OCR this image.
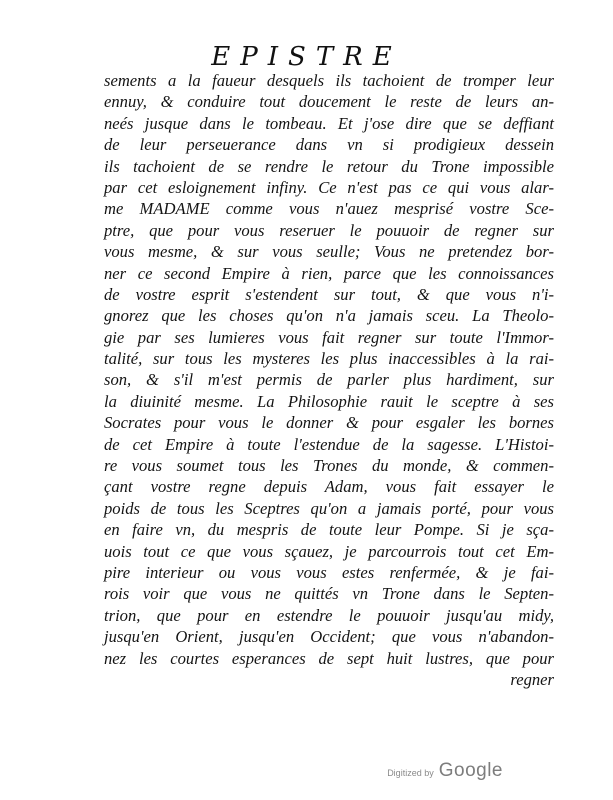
EPISTRE
sements a la faueur desquels ils tachoient de tromper leur
ennuy, & conduire tout doucement le reste de leurs an-
neés jusque dans le tombeau. Et j'ose dire que se deffiant
de leur perseuerance dans vn si prodigieux dessein
ils tachoient de se rendre le retour du Trone impossible
par cet esloignement infiny. Ce n'est pas ce qui vous alar-
me MADAME comme vous n'auez mesprisé vostre Sce-
ptre, que pour vous reseruer le pouuoir de regner sur
vous mesme, & sur vous seulle; Vous ne pretendez bor-
ner ce second Empire à rien, parce que les connoissances
de vostre esprit s'estendent sur tout, & que vous n'i-
gnorez que les choses qu'on n'a jamais sceu. La Theolo-
gie par ses lumieres vous fait regner sur toute l'Immor-
talité, sur tous les mysteres les plus inaccessibles à la rai-
son, & s'il m'est permis de parler plus hardiment, sur
la diuinité mesme. La Philosophie rauit le sceptre à ses
Socrates pour vous le donner & pour esgaler les bornes
de cet Empire à toute l'estendue de la sagesse. L'Histoi-
re vous soumet tous les Trones du monde, & commen-
çant vostre regne depuis Adam, vous fait essayer le
poids de tous les Sceptres qu'on a jamais porté, pour vous
en faire vn, du mespris de toute leur Pompe. Si je sça-
uois tout ce que vous sçauez, je parcourrois tout cet Em-
pire interieur ou vous vous estes renfermée, & je fai-
rois voir que vous ne quittés vn Trone dans le Septen-
trion, que pour en estendre le pouuoir jusqu'au midy,
jusqu'en Orient, jusqu'en Occident; que vous n'abandon-
nez les courtes esperances de sept huit lustres, que pour
regner
Digitized by Google
